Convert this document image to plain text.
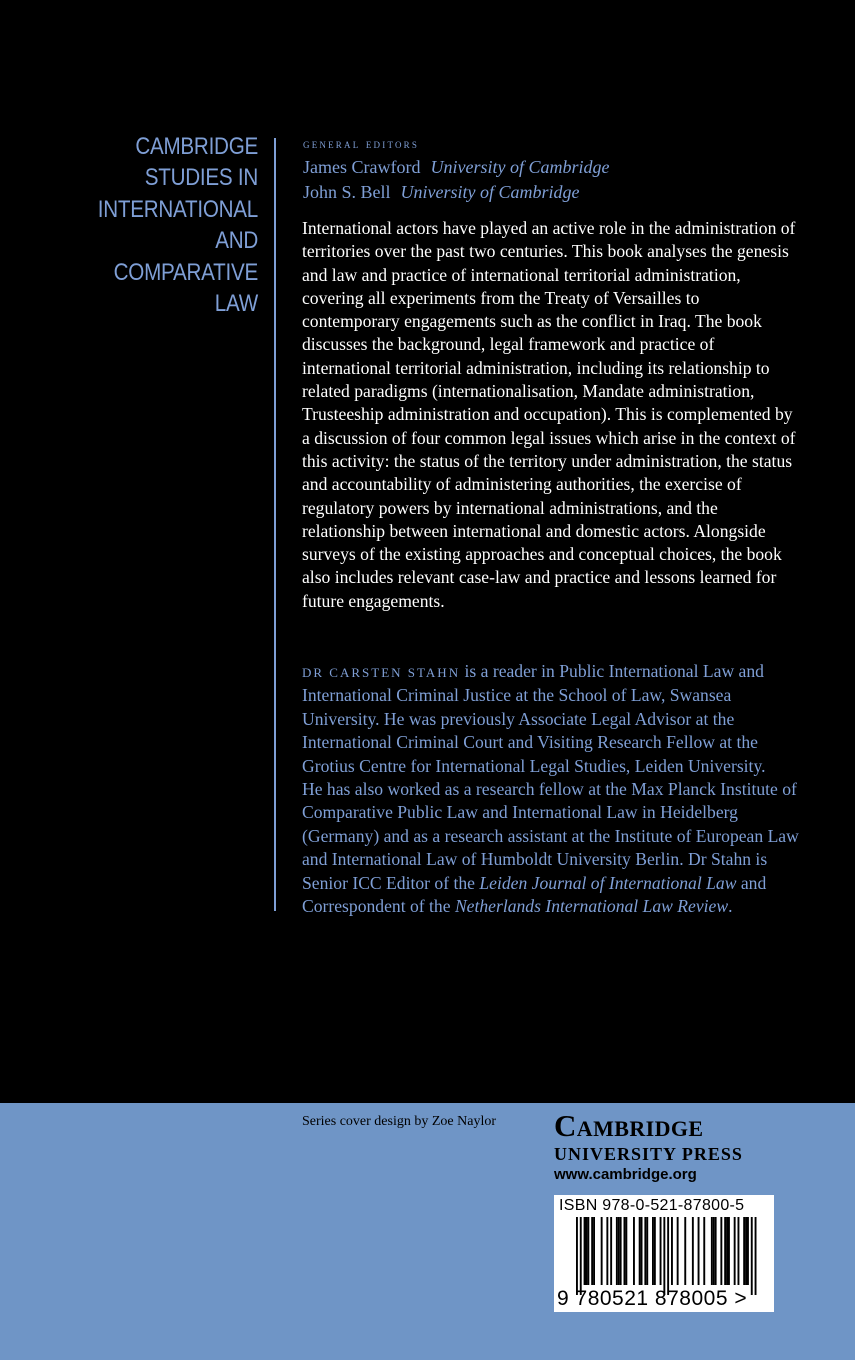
CAMBRIDGE
STUDIES IN
INTERNATIONAL
AND
COMPARATIVE
LAW
general editors
James Crawford University of Cambridge
John S. Bell University of Cambridge

International actors have played an active role in the administration of

territories over the past two centuries. This book analyses the genesis

and law and practice of international territorial administration,

covering all experiments from the Treaty of Versailles to

contemporary engagements such as the conflict in Iraq. The book

discusses the background, legal framework and practice of

international territorial administration, including its relationship to

related paradigms (internationalisation, Mandate administration,

Trusteeship administration and occupation). This is complemented by

a discussion of four common legal issues which arise in the context of

this activity: the status of the territory under administration, the status

and accountability of administering authorities, the exercise of

regulatory powers by international administrations, and the

relationship between international and domestic actors. Alongside

surveys of the existing approaches and conceptual choices, the book

also includes relevant case-law and practice and lessons learned for

future engagements.

DR CARSTEN STAHN is a reader in Public International Law and

International Criminal Justice at the School of Law, Swansea

University. He was previously Associate Legal Advisor at the

International Criminal Court and Visiting Research Fellow at the

Grotius Centre for International Legal Studies, Leiden University.

He has also worked as a research fellow at the Max Planck Institute of

Comparative Public Law and International Law in Heidelberg

(Germany) and as a research assistant at the Institute of European Law

and International Law of Humboldt University Berlin. Dr Stahn is

Senior ICC Editor of the Leiden Journal of International Law and

Correspondent of the Netherlands International Law Review.

Series cover design by Zoe Naylor Cambridge
UNIVERSITY PRESS
www.cambridge.org
ISBN 978-0-521-87800-5
9 780521 878005 >
